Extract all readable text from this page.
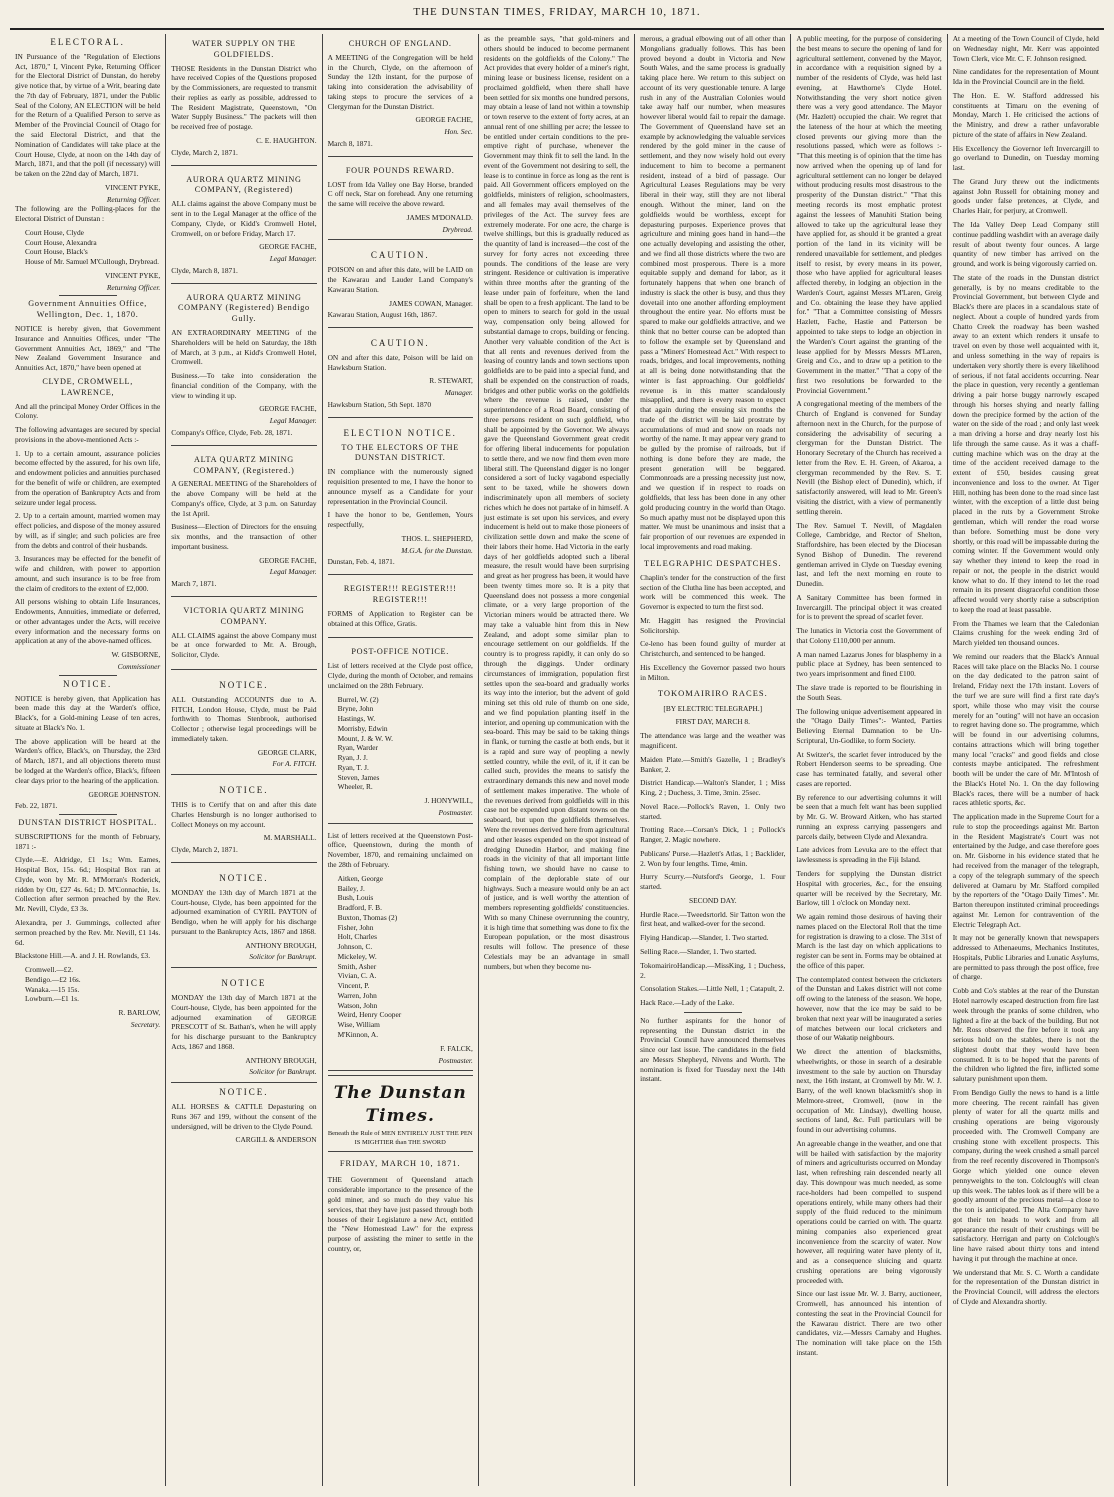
THE DUNSTAN TIMES, FRIDAY, MARCH 10, 1871.
ELECTORAL.

IN Pursuance of the "Regulation of Elections Act, 1870," I, Vincent Pyke, Returning Officer for the Electoral District of Dunstan, do hereby give notice that, by virtue of a Writ, bearing date the 7th day of February, 1871, under the Public Seal of the Colony, AN ELECTION will be held for the Return of a Qualified Person to serve as Member of the Provincial Council of Otago for the said Electoral District, and that the Nomination of Candidates will take place at the Court House, Clyde, at noon on the 14th day of March, 1871, and that the poll (if necessary) will be taken on the 22nd day of March, 1871.

VINCENT PYKE,
Returning Officer.

The following are the Polling-places for the Electoral District of Dunstan :

Court House, Clyde
Court House, Alexandra
Court House, Black's
House of Mr. Samuel M'Cullough, Drybread.
VINCENT PYKE,
Returning Officer.
Government Annuities Office, Wellington, Dec. 1, 1870.

NOTICE is hereby given, that Government Insurance and Annuities Offices, under "The Government Annuities Act, 1869," and "The New Zealand Government Insurance and Annuities Act, 1870," have been opened at

CLYDE, CROMWELL, LAWRENCE,

And all the principal Money Order Offices in the Colony.

The following advantages are secured by special provisions in the above-mentioned Acts :-

1. Up to a certain amount, assurance policies become effected by the assured, for his own life, and endowment policies and annuities purchased for the benefit of wife or children, are exempted from the operation of Bankruptcy Acts and from seizure under legal process.

2. Up to a certain amount, married women may effect policies, and dispose of the money assured by will, as if single; and such policies are free from the debts and control of their husbands.

3. Insurances may be effected for the benefit of wife and children, with power to apportion amount, and such insurance is to be free from the claim of creditors to the extent of £2,000.

All persons wishing to obtain Life Insurances, Endowments, Annuities, immediate or deferred, or other advantages under the Acts, will receive every information and the necessary forms on application at any of the above-named offices.

W. GISBORNE,
Commissioner
NOTICE.

NOTICE is hereby given, that Application has been made this day at the Warden's office, Black's, for a Gold-mining Lease of ten acres, situate at Black's No. 1.

The above application will be heard at the Warden's office, Black's, on Thursday, the 23rd of March, 1871, and all objections thereto must be lodged at the Warden's office, Black's, fifteen clear days prior to the hearing of the application.

GEORGE JOHNSTON.
Feb. 22, 1871.
DUNSTAN DISTRICT HOSPITAL.

SUBSCRIPTIONS for the month of February, 1871 :-

Clyde.—E. Aldridge, £1 1s.; Wm. Eames, Hospital Box, 15s. 6d.; Hospital Box ran at Clyde, won by Mr. R. M'Morran's Roderick, ridden by Ott, £27 4s. 6d.; D. M'Connachie, 1s. Collection after sermon preached by the Rev. Mr. Nevill, Clyde, £3 3s.

Alexandra, per J. Gummings, collected after sermon preached by the Rev. Mr. Nevill, £1 14s. 6d.

Blackstone Hill.—A. and J. H. Rowlands, £3.

Cromwell.—£2.
Bendigo.—£2 16s.
Wanaka.—15 15s.
Lowburn.—£1 1s.
R. BARLOW,
Secretary.
WATER SUPPLY ON THE GOLDFIELDS.

THOSE Residents in the Dunstan District who have received Copies of the Questions proposed by the Commissioners, are requested to transmit their replies as early as possible, addressed to The Resident Magistrate, Queenstown, "On Water Supply Business." The packets will then be received free of postage.

C. E. HAUGHTON.
Clyde, March 2, 1871.
AURORA QUARTZ MINING COMPANY, (Registered)

ALL claims against the above Company must be sent in to the Legal Manager at the office of the Company, Clyde, or Kidd's Cromwell Hotel, Cromwell, on or before Friday, March 17.

GEORGE FACHE,
Legal Manager.
Clyde, March 8, 1871.
AURORA QUARTZ MINING COMPANY (Registered) Bendigo Gully.

AN EXTRAORDINARY MEETING of the Shareholders will be held on Saturday, the 18th of March, at 3 p.m., at Kidd's Cromwell Hotel, Cromwell.

Business.—To take into consideration the financial condition of the Company, with the view to winding it up.

GEORGE FACHE,
Legal Manager.
Company's Office, Clyde, Feb. 28, 1871.
ALTA QUARTZ MINING COMPANY, (Registered.)

A GENERAL MEETING of the Shareholders of the above Company will be held at the Company's office, Clyde, at 3 p.m. on Saturday the 1st April.

Business—Election of Directors for the ensuing six months, and the transaction of other important business.

GEORGE FACHE,
Legal Manager.
March 7, 1871.
VICTORIA QUARTZ MINING COMPANY.

ALL CLAIMS against the above Company must be at once forwarded to Mr. A. Brough, Solicitor, Clyde.

NOTICE.

ALL Outstanding ACCOUNTS due to A. FITCH, London House, Clyde, must be Paid forthwith to Thomas Stenbrook, authorised Collector ; otherwise legal proceedings will be immediately taken.

GEORGE CLARK,
For A. FITCH.
NOTICE.

THIS is to Certify that on and after this date Charles Hensburgh is no longer authorised to Collect Moneys on my account.

M. MARSHALL.
Clyde, March 2, 1871.
NOTICE.

MONDAY the 13th day of March 1871 at the Court-house, Clyde, has been appointed for the adjourned examination of CYRIL PAYTON of Bendigo, when he will apply for his discharge pursuant to the Bankruptcy Acts, 1867 and 1868.

ANTHONY BROUGH,
Solicitor for Bankrupt.
NOTICE

MONDAY the 13th day of March 1871 at the Court-house, Clyde, has been appointed for the adjourned examination of GEORGE PRESCOTT of St. Bathan's, when he will apply for his discharge pursuant to the Bankruptcy Acts, 1867 and 1868.

ANTHONY BROUGH,
Solicitor for Bankrupt.
NOTICE.

ALL HORSES & CATTLE Depasturing on Runs 367 and 199, without the consent of the undersigned, will be driven to the Clyde Pound.

CARGILL & ANDERSON
CHURCH OF ENGLAND.

A MEETING of the Congregation will be held in the Church, Clyde, on the afternoon of Sunday the 12th instant, for the purpose of taking into consideration the advisability of taking steps to procure the services of a Clergyman for the Dunstan District.

GEORGE FACHE,
Hon. Sec.
March 8, 1871.
FOUR POUNDS REWARD.

LOST from Ida Valley one Bay Horse, branded C off neck, Star on forehead. Any one returning the same will receive the above reward.

JAMES M'DONALD.
Drybread.
CAUTION.

POISON on and after this date, will be LAID on the Kawarau and Lauder Land Company's Kawarau Station.

JAMES COWAN, Manager.
Kawarau Station, August 16th, 1867.
CAUTION.

ON and after this date, Poison will be laid on Hawksburn Station.

R. STEWART,
Manager.
Hawksburn Station, 5th Sept. 1870
ELECTION NOTICE.
TO THE ELECTORS OF THE DUNSTAN DISTRICT.

IN compliance with the numerously signed requisition presented to me, I have the honor to announce myself as a Candidate for your representation in the Provincial Council.

I have the honor to be, Gentlemen, Yours respectfully,

THOS. L. SHEPHERD,
M.G.A. for the Dunstan.
Dunstan, Feb. 4, 1871.
REGISTER!!! REGISTER!!! REGISTER!!!

FORMS of Application to Register can be obtained at this Office, Gratis.

POST-OFFICE NOTICE.

List of letters received at the Clyde post office, Clyde, during the month of October, and remains unclaimed on the 28th February.

Burrel, W. (2)
Bryne, John
Hastings, W.
Morrisby, Edwin
Mount, J. & W. W.
Ryan, Warder
Ryan, J. J.
Ryan, T. J.
Steven, James
Wheeler, R.
J. HONYWILL,
Postmaster.

List of letters received at the Queenstown Post-office, Queenstown, during the month of November, 1870, and remaining unclaimed on the 28th of February.

Aitken, George
Bailey, J.
Bush, Louis
Bradford, F. B.
Buxton, Thomas (2)
Fisher, John
Holt, Charles
Johnson, C.
Mickeley, W.
Smith, Asher
Vivian, C. A.
Vincent, P.
Warren, John
Watson, John
Weird, Henry Cooper
Wise, William
M'Kinnon, A.
F. FALCK,
Postmaster.
The Dunstan Times.
Beneath the Rule of MEN ENTIRELY JUST THE PEN IS MIGHTIER than THE SWORD
FRIDAY, MARCH 10, 1871.

THE Government of Queensland attach considerable importance to the presence of the gold miner, and so much do they value his services, that they have just passed through both houses of their Legislature a new Act, entitled the "New Homestead Law" for the express purpose of assisting the miner to settle in the country, or,

as the preamble says, "that gold-miners and others should be induced to become permanent residents on the goldfields of the Colony." The Act provides that every holder of a miner's right, mining lease or business license, resident on a proclaimed goldfield, when there shall have been settled for six months one hundred persons, may obtain a lease of land not within a township or town reserve to the extent of forty acres, at an annual rent of one shilling per acre; the lessee to be entitled under certain conditions to the pre-emptive right of purchase, whenever the Government may think fit to sell the land. In the event of the Government not desiring to sell, the lease is to continue in force as long as the rent is paid. All Government officers employed on the goldfields, ministers of religion, schoolmasters, and all females may avail themselves of the privileges of the Act. The survey fees are extremely moderate. For one acre, the charge is twelve shillings, but this is gradually reduced as the quantity of land is increased—the cost of the survey for forty acres not exceeding three pounds. The conditions of the lease are very stringent. Residence or cultivation is imperative within three months after the granting of the lease under pain of forfeiture, when the land shall be open to a fresh applicant. The land to be open to miners to search for gold in the usual way, compensation only being allowed for substantial damage to crops, building or fencing. Another very valuable condition of the Act is that all rents and revenues derived from the leasing of country lands and town sections upon goldfields are to be paid into a special fund, and shall be expended on the construction of roads, bridges and other public works on the goldfields where the revenue is raised, under the superintendence of a Road Board, consisting of three persons resident on such goldfield, who shall be appointed by the Governor. We always gave the Queensland Government great credit for offering liberal inducements for population to settle there, and we now find them even more liberal still. The Queensland digger is no longer considered a sort of lucky vagabond especially sent to be taxed, while he showers down indiscriminately upon all members of society riches which he does not partake of in himself. A just estimate is set upon his services, and every inducement is held out to make those pioneers of civilization settle down and make the scene of their labors their home. Had Victoria in the early days of her goldfields adopted such a liberal measure, the result would have been surprising and great as her progress has been, it would have been twenty times more so. It is a pity that Queensland does not possess a more congenial climate, or a very large proportion of the Victorian miners would be attracted there. We may take a valuable hint from this in New Zealand, and adopt some similar plan to encourage settlement on our goldfields. If the country is to progress rapidly, it can only do so through the diggings. Under ordinary circumstances of immigration, population first settles upon the sea-board and gradually works its way into the interior, but the advent of gold mining set this old rule of thumb on one side, and we find population planting itself in the interior, and opening up communication with the sea-board. This may be said to be taking things in flank, or turning the castle at both ends, but it is a rapid and sure way of peopling a newly settled country, while the evil, of it, if it can be called such, provides the means to satisfy the extraordinary demands this new and novel mode of settlement makes imperative. The whole of the revenues derived from goldfields will in this case not be expended upon distant towns on the seaboard, but upon the goldfields themselves. Were the revenues derived here from agricultural and other leases expended on the spot instead of dredging Dunedin Harbor, and making fine roads in the vicinity of that all important little fishing town, we should have no cause to complain of the deplorable state of our highways. Such a measure would only be an act of justice, and is well worthy the attention of members representing goldfields' constituencies. With so many Chinese overrunning the country, it is high time that something was done to fix the European population, or the most disastrous results will follow. The presence of these Celestials may be an advantage in small numbers, but when they become nu-

merous, a gradual elbowing out of all other than Mongolians gradually follows. This has been proved beyond a doubt in Victoria and New South Wales, and the same process is gradually taking place here. We return to this subject on account of its very questionable tenure. A large rush in any of the Australian Colonies would take away half our number, when measures however liberal would fail to repair the damage. The Government of Queensland have set an example by acknowledging the valuable services rendered by the gold miner in the cause of settlement, and they now wisely hold out every inducement to him to become a permanent resident, instead of a bird of passage. Our Agricultural Leases Regulations may be very liberal in their way, still they are not liberal enough. Without the miner, land on the goldfields would be worthless, except for depasturing purposes. Experience proves that agriculture and mining goes hand in hand—the one actually developing and assisting the other, and we find all those districts where the two are combined most prosperous. There is a more equitable supply and demand for labor, as it fortunately happens that when one branch of industry is slack the other is busy, and thus they dovetail into one another affording employment throughout the entire year. No efforts must be spared to make our goldfields attractive, and we think that no better course can be adopted than to follow the example set by Queensland and pass a "Miners' Homestead Act." With respect to roads, bridges, and local improvements, nothing at all is being done notwithstanding that the winter is fast approaching. Our goldfields' revenue is in this matter scandalously misapplied, and there is every reason to expect that again during the ensuing six months the trade of the district will be laid prostrate by accumulations of mud and snow on roads not worthy of the name. It may appear very grand to be gulled by the promise of railroads, but if nothing is done before they are made, the present generation will be beggared. Commonroads are a pressing necessity just now, and we question if in respect to roads on goldfields, that less has been done in any other gold producing country in the world than Otago. So much apathy must not be displayed upon this matter. We must be unanimous and insist that a fair proportion of our revenues are expended in local improvements and road making.

TELEGRAPHIC DESPATCHES.

Chaplin's tender for the construction of the first section of the Clutha line has been accepted, and work will be commenced this week. The Governor is expected to turn the first sod.

Mr. Haggitt has resigned the Provincial Solicitorship.

Ce-leno has been found guilty of murder at Christchurch, and sentenced to be hanged.

His Excellency the Governor passed two hours in Milton.

TOKOMAIRIRO RACES.
[BY ELECTRIC TELEGRAPH.]
FIRST DAY, MARCH 8.

The attendance was large and the weather was magnificent.

Maiden Plate.—Smith's Gazelle, 1 ; Bradley's Banker, 2.

District Handicap.—Walton's Slander, 1 ; Miss King, 2 ; Duchess, 3. Time, 3min. 25sec.

Novel Race.—Pollock's Raven, 1. Only two started.

Trotting Race.—Corsan's Dick, 1 ; Pollock's Ranger, 2. Magic nowhere.

Publicans' Purse.—Hazlett's Atlas, 1 ; Backlider, 2. Won by four lengths. Time, 4min.

Hurry Scurry.—Nutsford's George, 1. Four started.

SECOND DAY.

Hurdle Race.—Tweedsrtorld. Sir Tatton won the first heat, and walked-over for the second.

Flying Handicap.—Slander, 1. Two started.

Selling Race.—Slander, 1. Two started.

TokomairiroHandicap.—MissKing, 1 ; Duchess, 2.

Consolation Stakes.—Little Nell, 1 ; Catapult, 2.

Hack Race.—Lady of the Lake.

No further aspirants for the honor of representing the Dunstan district in the Provincial Council have announced themselves since our last issue. The candidates in the field are Messrs Shepheyd, Nivens and Worth. The nomination is fixed for Tuesday next the 14th instant.

A public meeting, for the purpose of considering the best means to secure the opening of land for agricultural settlement, convened by the Mayor, in accordance with a requisition signed by a number of the residents of Clyde, was held last evening, at Hawthorne's Clyde Hotel. Notwithstanding the very short notice given there was a very good attendance. The Mayor (Mr. Hazlett) occupied the chair. We regret that the lateness of the hour at which the meeting closed prevents our giving more than the resolutions passed, which were as follows :- "That this meeting is of opinion that the time has now arrived when the opening up of land for agricultural settlement can no longer be delayed without producing results most disastrous to the prosperity of the Dunstan district." "That this meeting records its most emphatic protest against the lessees of Manuhiti Station being allowed to take up the agricultural lease they have applied for, as should it be granted a great portion of the land in its vicinity will be rendered unavailable for settlement, and pledges itself to resist, by every means in its power, those who have applied for agricultural leases affected thereby, in lodging an objection in the Warden's Court, against Messrs M'Laren, Greig and Co. obtaining the lease they have applied for." "That a Committee consisting of Messrs Hazlett, Fache, Hastie and Patterson be appointed to take steps to lodge an objection in the Warden's Court against the granting of the lease applied for by Messrs Messrs M'Laren, Greig and Co., and to draw up a petition to the Government in the matter." "That a copy of the first two resolutions be forwarded to the Provincial Government."

A congregational meeting of the members of the Church of England is convened for Sunday afternoon next in the Church, for the purpose of considering the advisability of securing a clergyman for the Dunstan District. The Honorary Secretary of the Church has received a letter from the Rev. E. H. Green, of Akaroa, a clergyman recommended by the Rev. S. T. Nevill (the Bishop elect of Dunedin), which, if satisfactorily answered, will lead to Mr. Green's visiting the district, with a view of permanently settling therein.

The Rev. Samuel T. Nevill, of Magdalen College, Cambridge, and Rector of Shelton, Staffordshire, has been elected by the Diocesan Synod Bishop of Dunedin. The reverend gentleman arrived in Clyde on Tuesday evening last, and left the next morning en route to Dunedin.

A Sanitary Committee has been formed in Invercargill. The principal object it was created for is to prevent the spread of scarlet fever.

The lunatics in Victoria cost the Government of that Colony £110,000 per annum.

A man named Lazarus Jones for blasphemy in a public place at Sydney, has been sentenced to two years imprisonment and fined £100.

The slave trade is reported to be flourishing in the South Seas.

The following unique advertisement appeared in the "Otago Daily Times":- Wanted, Parties Believing Eternal Damnation to be Un-Scriptural, Un-Godlike, to form Society.

At Switzer's, the scarlet fever introduced by the Robert Henderson seems to be spreading. One case has terminated fatally, and several other cases are reported.

By reference to our advertising columns it will be seen that a much felt want has been supplied by Mr. G. W. Broward Aitken, who has started running an express carrying passengers and parcels daily, between Clyde and Alexandra.

Late advices from Levuka are to the effect that lawlessness is spreading in the Fiji Island.

Tenders for supplying the Dunstan district Hospital with groceries, &c., for the ensuing quarter will be received by the Secretary, Mr. Barlow, till 1 o'clock on Monday next.

We again remind those desirous of having their names placed on the Electoral Roll that the time for registration is drawing to a close. The 31st of March is the last day on which applications to register can be sent in. Forms may be obtained at the office of this paper.

The contemplated contest between the cricketers of the Dunstan and Lakes district will not come off owing to the lateness of the season. We hope, however, now that the ice may be said to be broken that next year will be inaugurated a series of matches between our local cricketers and those of our Wakatip neighbours.

We direct the attention of blacksmiths, wheelwrights, or those in search of a desirable investment to the sale by auction on Thursday next, the 16th instant, at Cromwell by Mr. W. J. Barry, of the well known blacksmith's shop in Melmore-street, Cromwell, (now in the occupation of Mr. Lindsay), dwelling house, sections of land, &c. Full particulars will be found in our advertising columns.

An agreeable change in the weather, and one that will be hailed with satisfaction by the majority of miners and agriculturists occurred on Monday last, when refreshing rain descended nearly all day. This downpour was much needed, as some race-holders had been compelled to suspend operations entirely, while many others had their supply of the fluid reduced to the minimum operations could be carried on with. The quartz mining companies also experienced great inconvenience from the scarcity of water. Now however, all requiring water have plenty of it, and as a consequence sluicing and quartz crushing operations are being vigorously proceeded with.

Since our last issue Mr. W. J. Barry, auctioneer, Cromwell, has announced his intention of contesting the seat in the Provincial Council for the Kawarau district. There are two other candidates, viz.—Messrs Carnaby and Hughes. The nomination will take place on the 15th instant.

At a meeting of the Town Council of Clyde, held on Wednesday night, Mr. Kerr was appointed Town Clerk, vice Mr. C. F. Johnson resigned.

Nine candidates for the representation of Mount Ida in the Provincial Council are in the field.

The Hon. E. W. Stafford addressed his constituents at Timaru on the evening of Monday, March 1. He criticised the actions of the Ministry, and drew a rather unfavorable picture of the state of affairs in New Zealand.

His Excellency the Governor left Invercargill to go overland to Dunedin, on Tuesday morning last.

The Grand Jury threw out the indictments against John Russell for obtaining money and goods under false pretences, at Clyde, and Charles Hair, for perjury, at Cromwell.

The Ida Valley Deep Lead Company still continue paddling washdirt with an average daily result of about twenty four ounces. A large quantity of new timber has arrived on the ground, and work is being vigorously carried on.

The state of the roads in the Dunstan district generally, is by no means creditable to the Provincial Government, but between Clyde and Black's there are places in a scandalous state of neglect. About a couple of hundred yards from Chatto Creek the roadway has been washed away to an extent which renders it unsafe to travel on even by those well acquainted with it, and unless something in the way of repairs is undertaken very shortly there is every likelihood of serious, if not fatal accidents occurring. Near the place in question, very recently a gentleman driving a pair horse buggy narrowly escaped through his horses shying and nearly falling down the precipice formed by the action of the water on the side of the road ; and only last week a man driving a horse and dray nearly lost his life through the same cause. As it was a chaff-cutting machine which was on the dray at the time of the accident received damage to the extent of £50, besides causing great inconvenience and loss to the owner. At Tiger Hill, nothing has been done to the road since last winter, with the exception of a little dust being placed in the ruts by a Government Stroke gentleman, which will render the road worse than before. Something must be done very shortly, or this road will be impassable during the coming winter. If the Government would only say whether they intend to keep the road in repair or not, the people in the district would know what to do. If they intend to let the road remain in its present disgraceful condition those affected would very shortly raise a subscription to keep the road at least passable.

From the Thames we learn that the Caledonian Claims crushing for the week ending 3rd of March yielded ten thousand ounces.

We remind our readers that the Black's Annual Races will take place on the Blacks No. 1 course on the day dedicated to the patron saint of Ireland, Friday next the 17th instant. Lovers of the turf we are sure will find a first rate day's sport, while those who may visit the course merely for an "outing" will not have an occasion to regret having done so. The programme, which will be found in our advertising columns, contains attractions which will bring together many local "cracks" and good fields and close contests maybe anticipated. The refreshment booth will be under the care of Mr. M'Intosh of the Black's Hotel No. 1. On the day following Black's races, there will be a number of hack races athletic sports, &c.

The application made in the Supreme Court for a rule to stop the proceedings against Mr. Barton in the Resident Magistrate's Court was not entertained by the Judge, and case therefore goes on. Mr. Gisborne in his evidence stated that he had received from the manager of the telegraph, a copy of the telegraph summary of the speech delivered at Oamaru by Mr. Stafford compiled by the reporters of the "Otago Daily Times". Mr. Barton thereupon instituted criminal proceedings against Mr. Lemon for contravention of the Electric Telegraph Act.

It may not be generally known that newspapers addressed to Athenaeums, Mechanics Institutes, Hospitals, Public Libraries and Lunatic Asylums, are permitted to pass through the post office, free of charge.

Cobb and Co's stables at the rear of the Dunstan Hotel narrowly escaped destruction from fire last week through the pranks of some children, who lighted a fire at the back of the building. But not Mr. Ross observed the fire before it took any serious hold on the stables, there is not the slightest doubt that they would have been consumed. It is to be hoped that the parents of the children who lighted the fire, inflicted some salutary punishment upon them.

From Bendigo Gully the news to hand is a little more cheering. The recent rainfall has given plenty of water for all the quartz mills and crushing operations are being vigorously proceeded with. The Cromwell Company are crushing stone with excellent prospects. This company, during the week crushed a small parcel from the reef recently discovered in Thompson's Gorge which yielded one ounce eleven pennyweights to the ton. Colclough's will clean up this week. The tables look as if there will be a goodly amount of the precious metal—a close to the ton is anticipated. The Alta Company have got their ten heads to work and from all appearance the result of their crushings will be satisfactory. Herrigan and party on Colclough's line have raised about thirty tons and intend having it put through the machine at once.

We understand that Mr. S. C. Worth a candidate for the representation of the Dunstan district in the Provincial Council, will address the electors of Clyde and Alexandra shortly.
